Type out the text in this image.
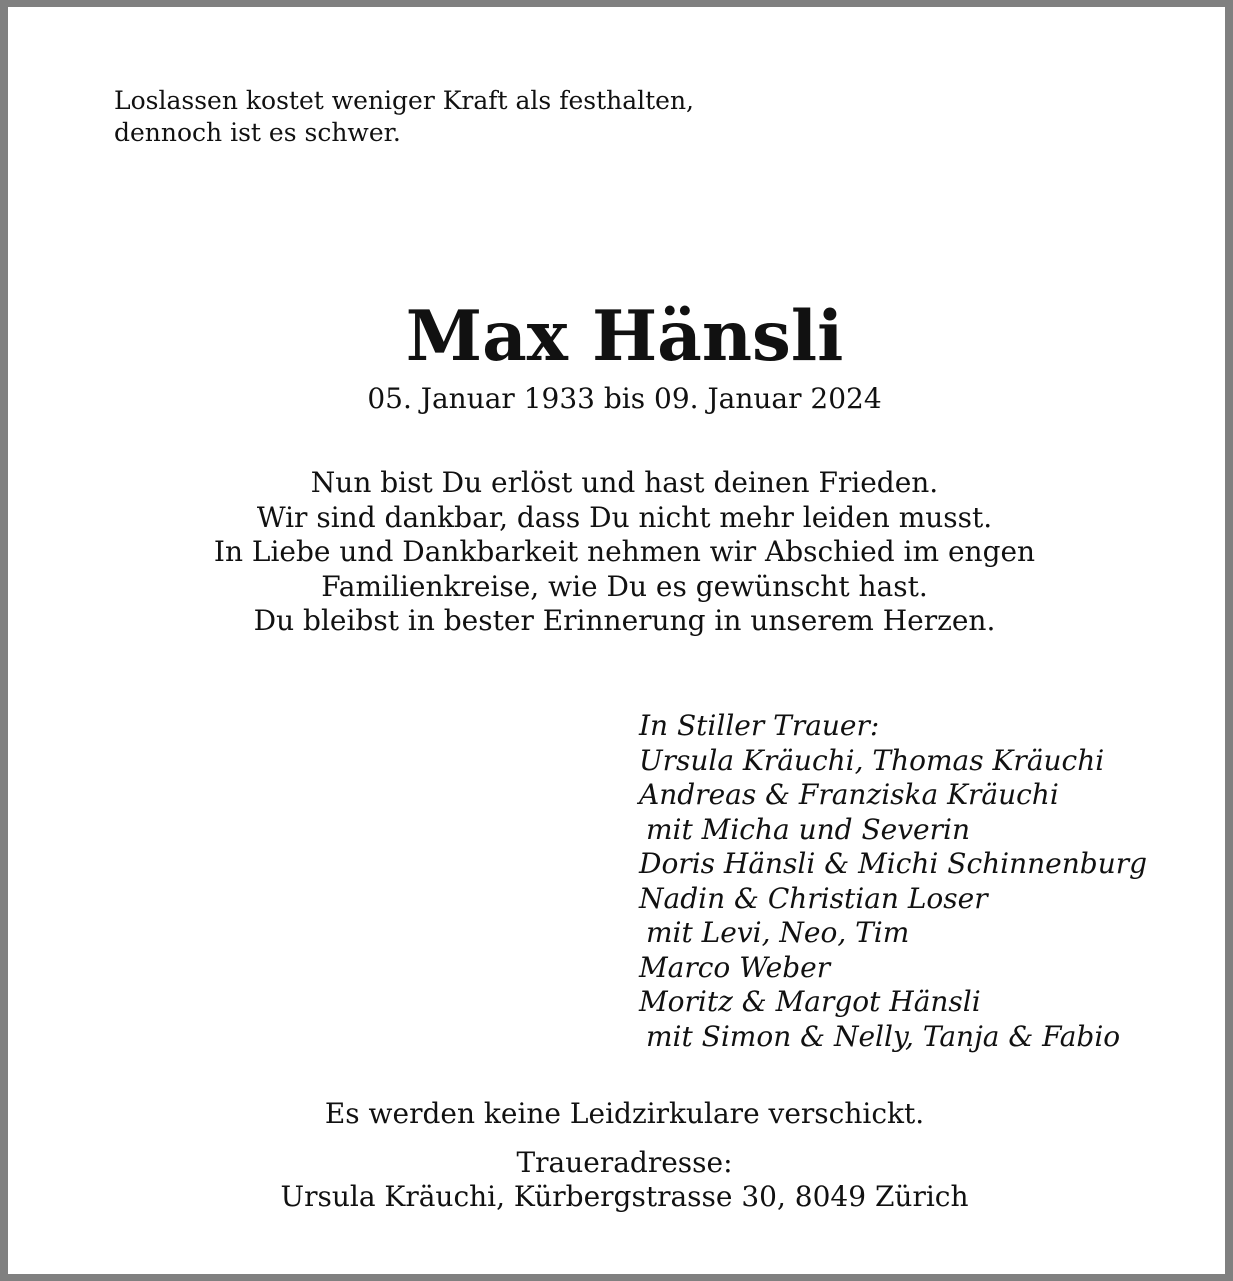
Loslassen kostet weniger Kraft als festhalten,
dennoch ist es schwer.
Max Hänsli
05. Januar 1933 bis 09. Januar 2024
Nun bist Du erlöst und hast deinen Frieden.
Wir sind dankbar, dass Du nicht mehr leiden musst.
In Liebe und Dankbarkeit nehmen wir Abschied im engen
Familienkreise, wie Du es gewünscht hast.
Du bleibst in bester Erinnerung in unserem Herzen.
In Stiller Trauer:
Ursula Kräuchi, Thomas Kräuchi
Andreas & Franziska Kräuchi
mit Micha und Severin
Doris Hänsli & Michi Schinnenburg
Nadin & Christian Loser
mit Levi, Neo, Tim
Marco Weber
Moritz & Margot Hänsli
mit Simon & Nelly, Tanja & Fabio
Es werden keine Leidzirkulare verschickt.
Traueradresse:
Ursula Kräuchi, Kürbergstrasse 30, 8049 Zürich
